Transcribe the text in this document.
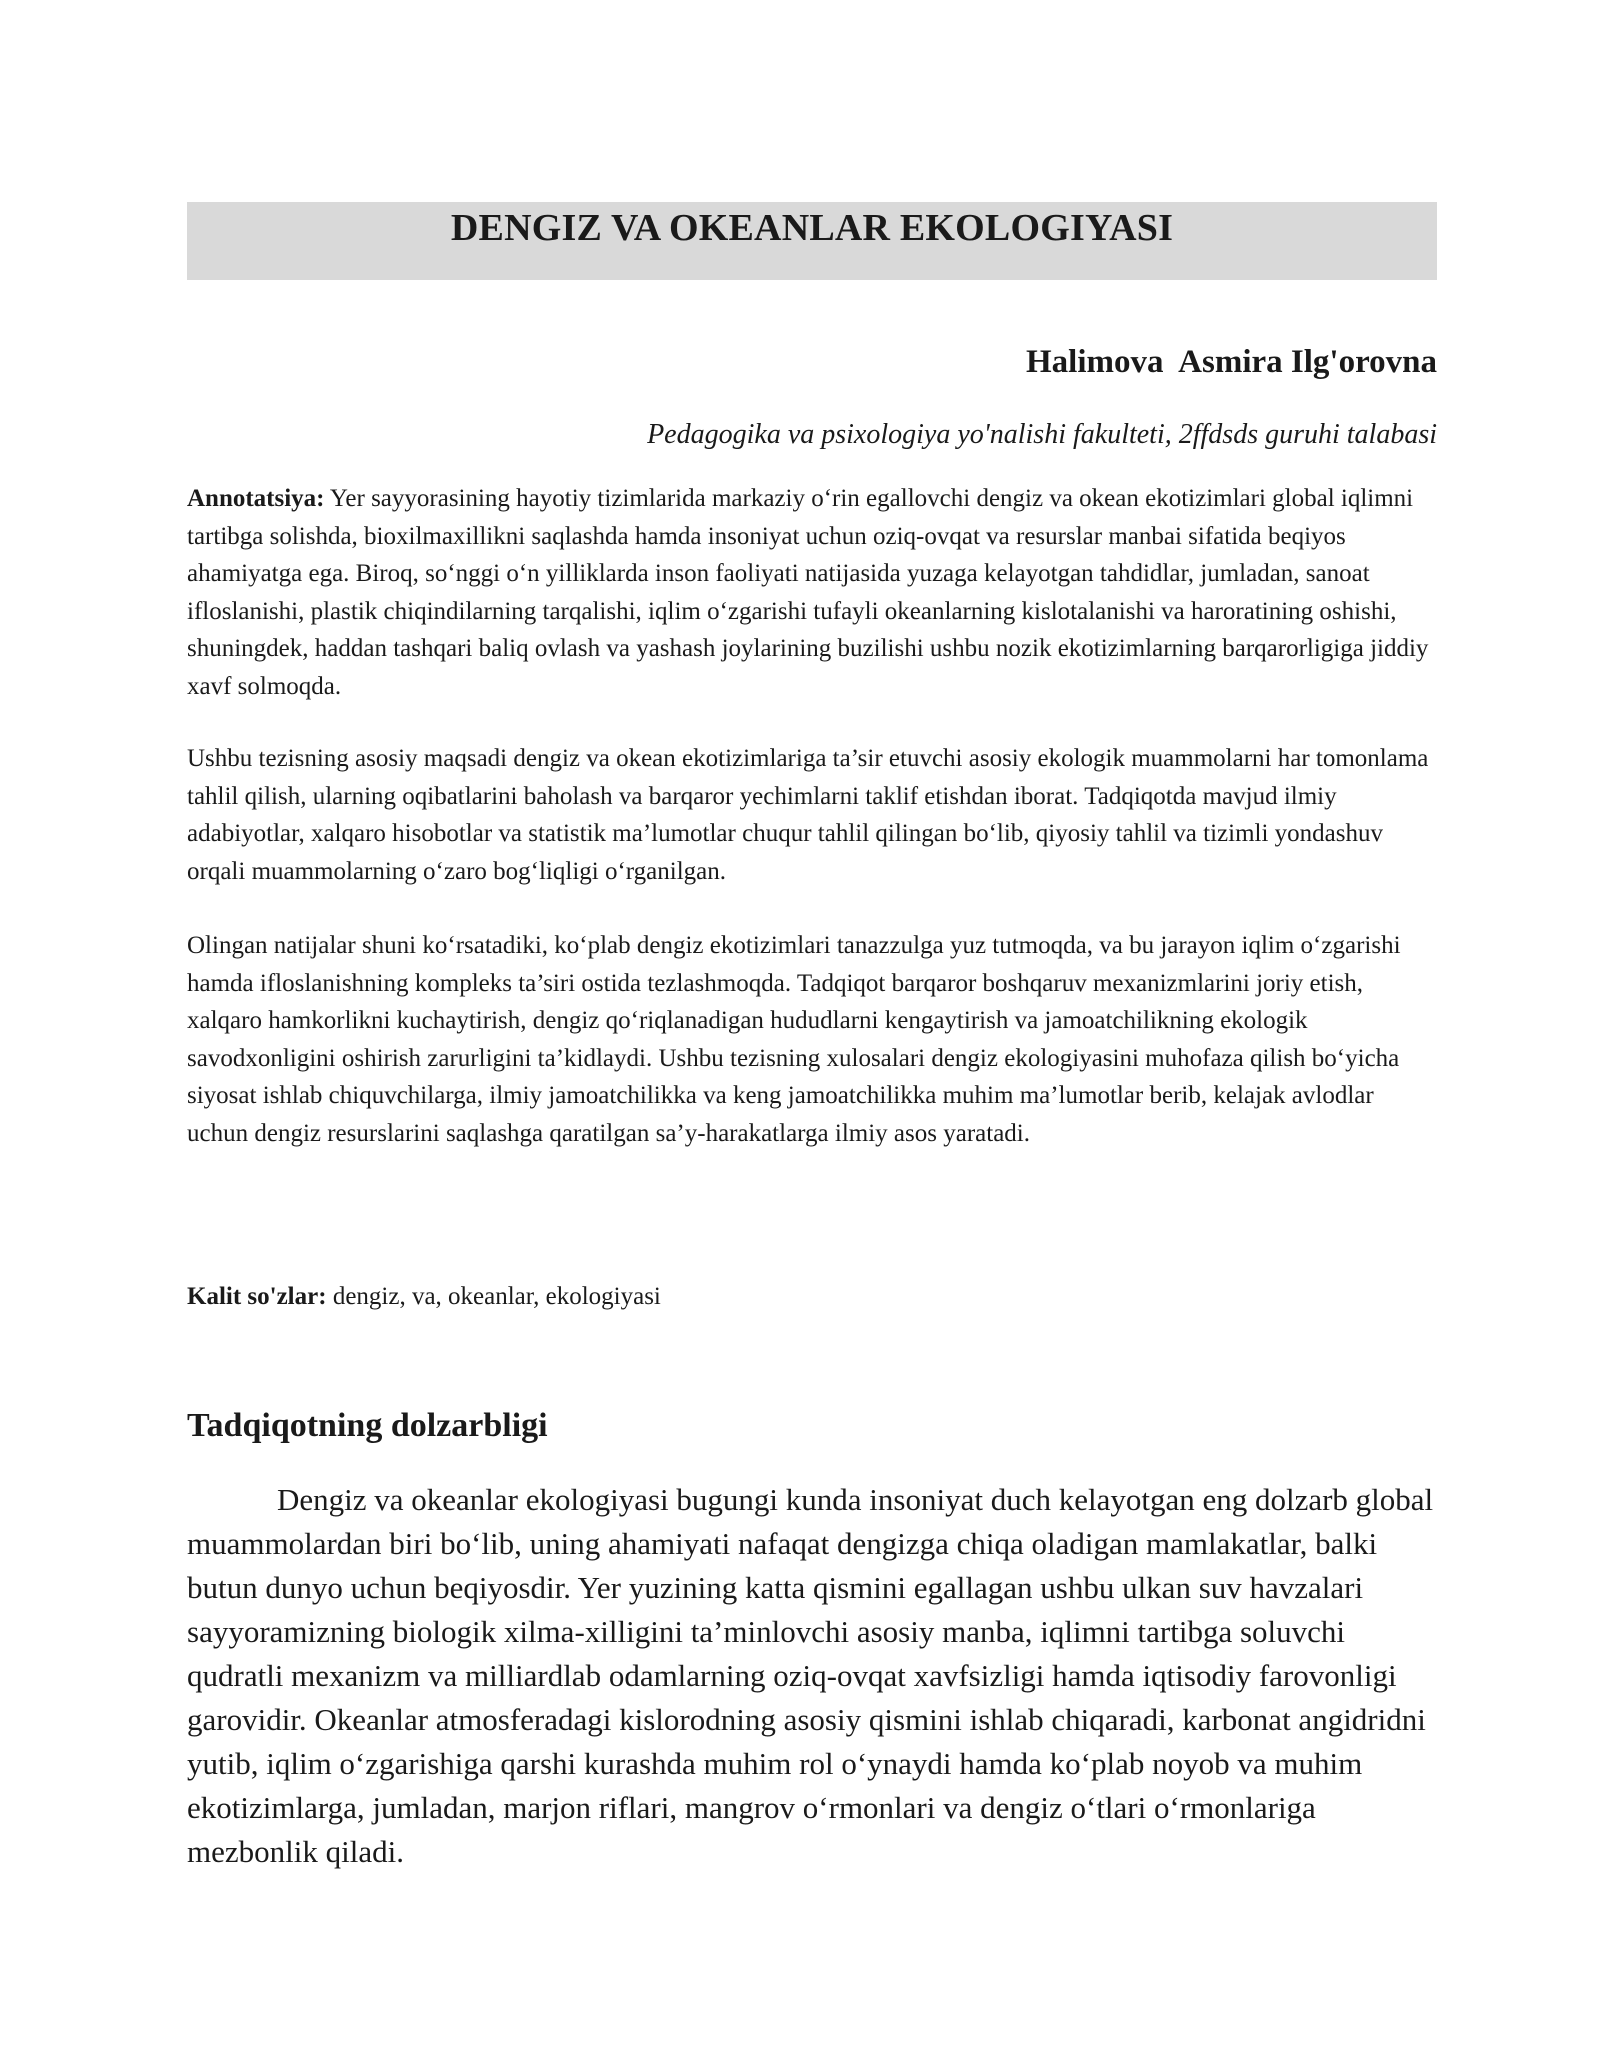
DENGIZ VA OKEANLAR EKOLOGIYASI
Halimova  Asmira Ilg'orovna
Pedagogika va psixologiya yo'nalishi fakulteti, 2ffdsds guruhi talabasi

Annotatsiya: Yer sayyorasining hayotiy tizimlarida markaziy o‘rin egallovchi dengiz va okean ekotizimlari global iqlimni tartibga solishda, bioxilmaxillikni saqlashda hamda insoniyat uchun oziq-ovqat va resurslar manbai sifatida beqiyos ahamiyatga ega. Biroq, so‘nggi o‘n yilliklarda inson faoliyati natijasida yuzaga kelayotgan tahdidlar, jumladan, sanoat ifloslanishi, plastik chiqindilarning tarqalishi, iqlim o‘zgarishi tufayli okeanlarning kislotalanishi va haroratining oshishi, shuningdek, haddan tashqari baliq ovlash va yashash joylarining buzilishi ushbu nozik ekotizimlarning barqarorligiga jiddiy xavf solmoqda.

Ushbu tezisning asosiy maqsadi dengiz va okean ekotizimlariga ta’sir etuvchi asosiy ekologik muammolarni har tomonlama tahlil qilish, ularning oqibatlarini baholash va barqaror yechimlarni taklif etishdan iborat. Tadqiqotda mavjud ilmiy adabiyotlar, xalqaro hisobotlar va statistik ma’lumotlar chuqur tahlil qilingan bo‘lib, qiyosiy tahlil va tizimli yondashuv orqali muammolarning o‘zaro bog‘liqligi o‘rganilgan.

Olingan natijalar shuni ko‘rsatadiki, ko‘plab dengiz ekotizimlari tanazzulga yuz tutmoqda, va bu jarayon iqlim o‘zgarishi hamda ifloslanishning kompleks ta’siri ostida tezlashmoqda. Tadqiqot barqaror boshqaruv mexanizmlarini joriy etish, xalqaro hamkorlikni kuchaytirish, dengiz qo‘riqlanadigan hududlarni kengaytirish va jamoatchilikning ekologik savodxonligini oshirish zarurligini ta’kidlaydi. Ushbu tezisning xulosalari dengiz ekologiyasini muhofaza qilish bo‘yicha siyosat ishlab chiquvchilarga, ilmiy jamoatchilikka va keng jamoatchilikka muhim ma’lumotlar berib, kelajak avlodlar uchun dengiz resurslarini saqlashga qaratilgan sa’y-harakatlarga ilmiy asos yaratadi.

Kalit so'zlar: dengiz, va, okeanlar, ekologiyasi

Tadqiqotning dolzarbligi

Dengiz va okeanlar ekologiyasi bugungi kunda insoniyat duch kelayotgan eng dolzarb global muammolardan biri bo‘lib, uning ahamiyati nafaqat dengizga chiqa oladigan mamlakatlar, balki butun dunyo uchun beqiyosdir. Yer yuzining katta qismini egallagan ushbu ulkan suv havzalari sayyoramizning biologik xilma-xilligini ta’minlovchi asosiy manba, iqlimni tartibga soluvchi qudratli mexanizm va milliardlab odamlarning oziq-ovqat xavfsizligi hamda iqtisodiy farovonligi garovidir. Okeanlar atmosferadagi kislorodning asosiy qismini ishlab chiqaradi, karbonat angidridni yutib, iqlim o‘zgarishiga qarshi kurashda muhim rol o‘ynaydi hamda ko‘plab noyob va muhim ekotizimlarga, jumladan, marjon riflari, mangrov o‘rmonlari va dengiz o‘tlari o‘rmonlariga mezbonlik qiladi.
